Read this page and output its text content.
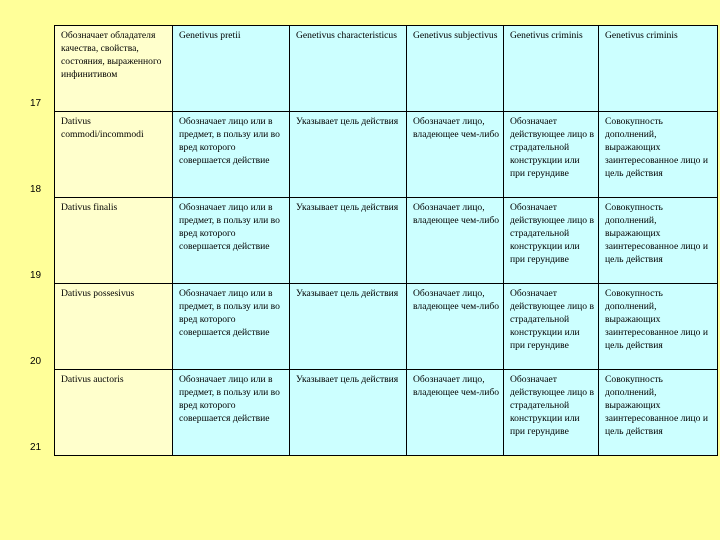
17
18
19
20
21
Обозначает обладателя качества, свойства, состояния, выраженного инфинитивом	Genetivus pretii	Genetivus characteristicus	Genetivus subjectivus	Genetivus criminis	Genetivus criminis
Dativus commodi/incommodi	Обозначает лицо или в предмет, в пользу или во вред которого совершается действие	Указывает цель действия	Обозначает лицо, владеющее чем-либо	Обозначает действующее лицо в страдательной конструкции или при герундиве	Совокупность дополнений, выражающих заинтересованное лицо и цель действия
Dativus finalis	Обозначает лицо или в предмет, в пользу или во вред которого совершается действие	Указывает цель действия	Обозначает лицо, владеющее чем-либо	Обозначает действующее лицо в страдательной конструкции или при герундиве	Совокупность дополнений, выражающих заинтересованное лицо и цель действия
Dativus possesivus	Обозначает лицо или в предмет, в пользу или во вред которого совершается действие	Указывает цель действия	Обозначает лицо, владеющее чем-либо	Обозначает действующее лицо в страдательной конструкции или при герундиве	Совокупность дополнений, выражающих заинтересованное лицо и цель действия
Dativus auctoris	Обозначает лицо или в предмет, в пользу или во вред которого совершается действие	Указывает цель действия	Обозначает лицо, владеющее чем-либо	Обозначает действующее лицо в страдательной конструкции или при герундиве	Совокупность дополнений, выражающих заинтересованное лицо и цель действия
